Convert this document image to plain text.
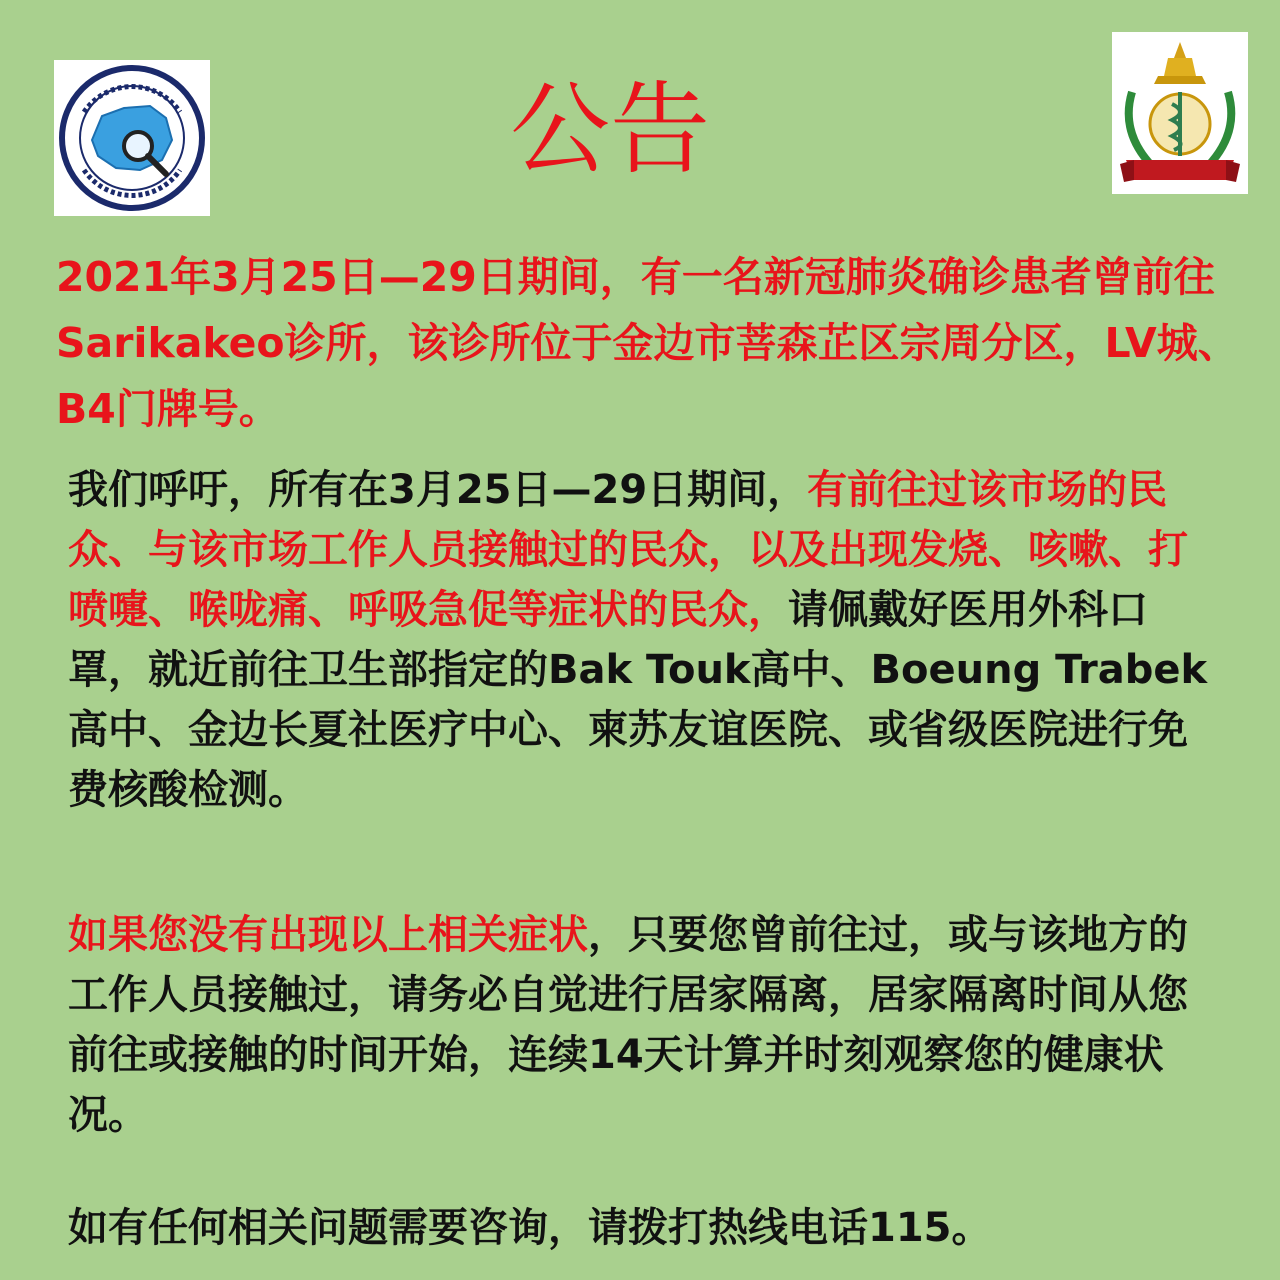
公告
2021年3月25日—29日期间，有一名新冠肺炎确诊患者曾前往Sarikakeo诊所，该诊所位于金边市菩森芷区宗周分区，LV城、B4门牌号。
我们呼吁，所有在3月25日—29日期间，有前往过该市场的民众、与该市场工作人员接触过的民众，以及出现发烧、咳嗽、打喷嚏、喉咙痛、呼吸急促等症状的民众，请佩戴好医用外科口罩，就近前往卫生部指定的Bak Touk高中、Boeung Trabek高中、金边长夏社医疗中心、柬苏友谊医院、或省级医院进行免费核酸检测。
如果您没有出现以上相关症状，只要您曾前往过，或与该地方的工作人员接触过，请务必自觉进行居家隔离，居家隔离时间从您前往或接触的时间开始，连续14天计算并时刻观察您的健康状况。
如有任何相关问题需要咨询，请拨打热线电话115。
